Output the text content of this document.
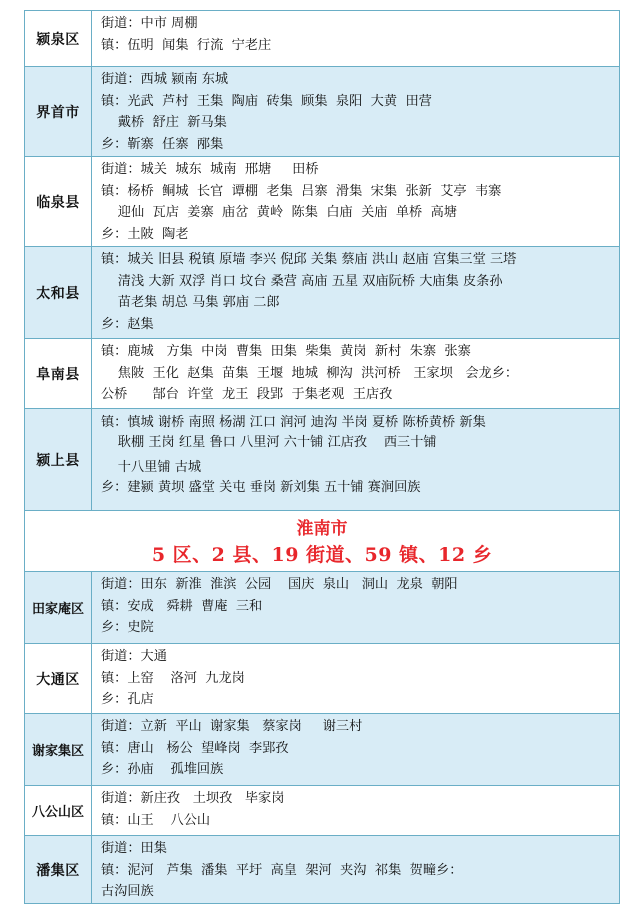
颍泉区
街道：中市 周棚
镇：伍明  闻集  行流  宁老庄
界首市
街道：西城 颍南 东城
镇：光武  芦村  王集  陶庙  砖集  顾集  泉阳  大黄  田营
戴桥  舒庄  新马集
乡：靳寨  任寨  邴集
临泉县
街道：城关  城东  城南  邢塘     田桥
镇：杨桥  鲖城  长官  谭棚  老集  吕寨  滑集  宋集  张新  艾亭  韦寨
迎仙  瓦店  姜寨  庙岔  黄岭  陈集  白庙  关庙  单桥  高塘
乡：土陂  陶老
太和县
镇：城关 旧县 税镇 原墙 李兴 倪邱 关集 蔡庙 洪山 赵庙 宫集三堂 三塔
清浅 大新 双浮 肖口 坟台 桑营 高庙 五星 双庙阮桥 大庙集 皮条孙
苗老集 胡总 马集 郭庙 二郎
乡：赵集
阜南县
镇：鹿城   方集  中岗  曹集  田集  柴集  黄岗  新村  朱寨  张寨
焦陂  王化  赵集  苗集  王堰  地城  柳沟  洪河桥   王家坝   会龙乡：
公桥      郜台  许堂  龙王  段郢  于集老观  王店孜
颍上县
镇：慎城 谢桥 南照 杨湖 江口 润河 迪沟 半岗 夏桥 陈桥黄桥 新集
耿棚 王岗 红星 鲁口 八里河 六十铺 江店孜    西三十铺
十八里铺 古城
乡：建颍 黄坝 盛堂 关屯 垂岗 新刘集 五十铺 赛涧回族
淮南市
5 区、2 县、19 街道、59 镇、12 乡
田家庵区
街道：田东  新淮  淮滨  公园    国庆  泉山   洞山  龙泉  朝阳
镇：安成   舜耕  曹庵  三和
乡：史院
大通区
街道：大通
镇：上窑    洛河  九龙岗
乡：孔店
谢家集区
街道：立新  平山  谢家集   蔡家岗     谢三村
镇：唐山   杨公  望峰岗  李郢孜
乡：孙庙    孤堆回族
八公山区
街道：新庄孜   土坝孜   毕家岗
镇：山王    八公山
潘集区
街道：田集
镇：泥河   芦集  潘集  平圩  高皇  架河  夹沟  祁集  贺疃乡：
古沟回族
